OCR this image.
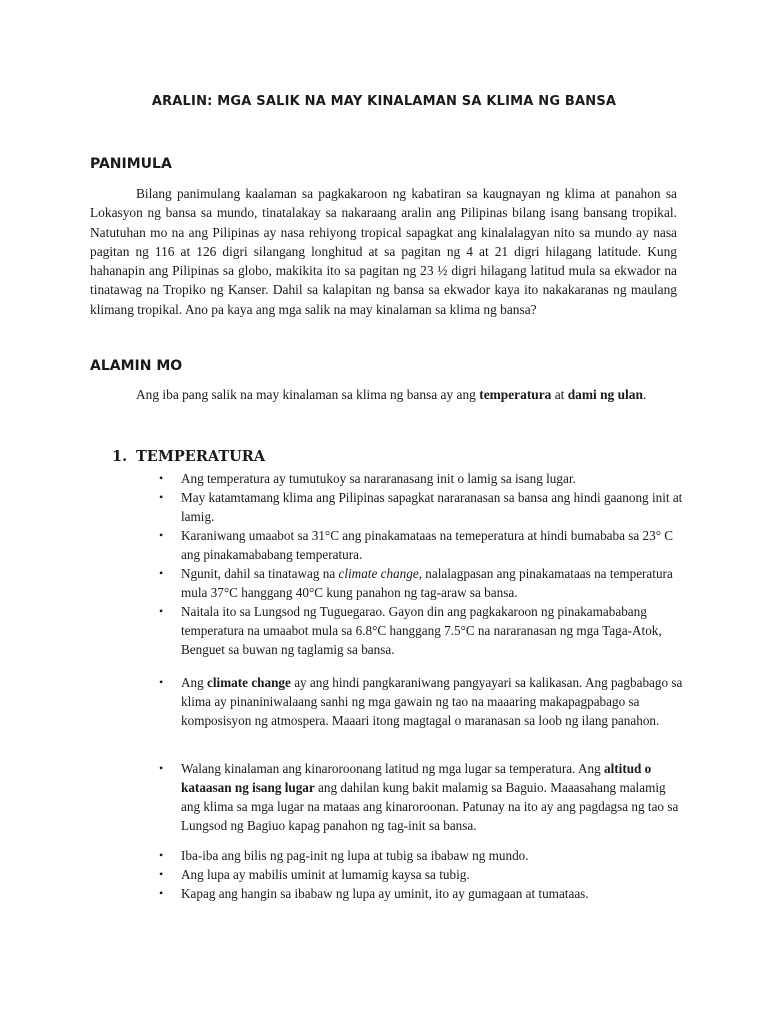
ARALIN: MGA SALIK NA MAY KINALAMAN SA KLIMA NG BANSA
PANIMULA
Bilang panimulang kaalaman sa pagkakaroon ng kabatiran sa kaugnayan ng klima at panahon sa Lokasyon ng bansa sa mundo, tinatalakay sa nakaraang aralin ang Pilipinas bilang isang bansang tropikal. Natutuhan mo na ang Pilipinas ay nasa rehiyong tropical sapagkat ang kinalalagyan nito sa mundo ay nasa pagitan ng 116 at 126 digri silangang longhitud at sa pagitan ng 4 at 21 digri hilagang latitude. Kung hahanapin ang Pilipinas sa globo, makikita ito sa pagitan ng 23 ½ digri hilagang latitud mula sa ekwador na tinatawag na Tropiko ng Kanser. Dahil sa kalapitan ng bansa sa ekwador kaya ito nakakaranas ng maulang klimang tropikal. Ano pa kaya ang mga salik na may kinalaman sa klima ng bansa?
ALAMIN MO
Ang iba pang salik na may kinalaman sa klima ng bansa ay ang temperatura at dami ng ulan.
1. TEMPERATURA
• Ang temperatura ay tumutukoy sa nararanasang init o lamig sa isang lugar.
• May katamtamang klima ang Pilipinas sapagkat nararanasan sa bansa ang hindi gaanong init at lamig.
• Karaniwang umaabot sa 31°C ang pinakamataas na temeperatura at hindi bumababa sa 23° C ang pinakamababang temperatura.
• Ngunit, dahil sa tinatawag na climate change, nalalagpasan ang pinakamataas na temperatura mula 37°C hanggang 40°C kung panahon ng tag-araw sa bansa.
• Naitala ito sa Lungsod ng Tuguegarao. Gayon din ang pagkakaroon ng pinakamababang temperatura na umaabot mula sa 6.8°C hanggang 7.5°C na nararanasan ng mga Taga-Atok, Benguet sa buwan ng taglamig sa bansa.
• Ang climate change ay ang hindi pangkaraniwang pangyayari sa kalikasan. Ang pagbabago sa klima ay pinaniniwalaang sanhi ng mga gawain ng tao na maaaring makapagpabago sa komposisyon ng atmospera. Maaari itong magtagal o maranasan sa loob ng ilang panahon.
• Walang kinalaman ang kinaroroonang latitud ng mga lugar sa temperatura. Ang altitud o kataasan ng isang lugar ang dahilan kung bakit malamig sa Baguio. Maaasahang malamig ang klima sa mga lugar na mataas ang kinaroroonan. Patunay na ito ay ang pagdagsa ng tao sa Lungsod ng Bagiuo kapag panahon ng tag-init sa bansa.
• Iba-iba ang bilis ng pag-init ng lupa at tubig sa ibabaw ng mundo.
• Ang lupa ay mabilis uminit at lumamig kaysa sa tubig.
• Kapag ang hangin sa ibabaw ng lupa ay uminit, ito ay gumagaan at tumataas.
